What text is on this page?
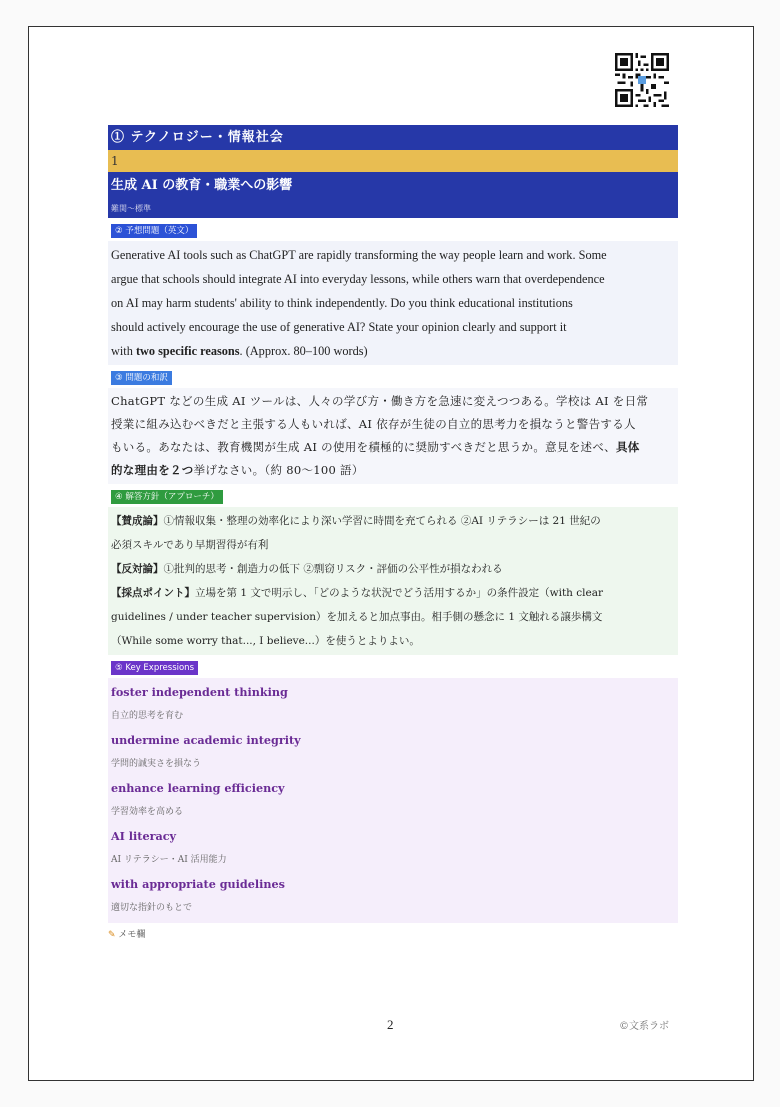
① テクノロジー・情報社会
1
生成 AI の教育・職業への影響
難関～標準
② 予想問題（英文）
Generative AI tools such as ChatGPT are rapidly transforming the way people learn and work. Some
argue that schools should integrate AI into everyday lessons, while others warn that overdependence
on AI may harm students' ability to think independently. Do you think educational institutions
should actively encourage the use of generative AI? State your opinion clearly and support it
with two specific reasons. (Approx. 80–100 words)
③ 問題の和訳
ChatGPT などの生成 AI ツールは、人々の学び方・働き方を急速に変えつつある。学校は AI を日常
授業に組み込むべきだと主張する人もいれば、AI 依存が生徒の自立的思考力を損なうと警告する人
もいる。あなたは、教育機関が生成 AI の使用を積極的に奨励すべきだと思うか。意見を述べ、具体
的な理由を２つ挙げなさい。（約 80～100 語）
④ 解答方針（アプローチ）
【賛成論】①情報収集・整理の効率化により深い学習に時間を充てられる ②AI リテラシーは 21 世紀の
必須スキルであり早期習得が有利
【反対論】①批判的思考・創造力の低下 ②剽窃リスク・評価の公平性が損なわれる
【採点ポイント】立場を第 1 文で明示し、「どのような状況でどう活用するか」の条件設定（with clear
guidelines / under teacher supervision）を加えると加点事由。相手側の懸念に 1 文触れる譲歩構文
（While some worry that..., I believe...）を使うとよりよい。
⑤ Key Expressions
foster independent thinking
自立的思考を育む
undermine academic integrity
学問的誠実さを損なう
enhance learning efficiency
学習効率を高める
AI literacy
AI リテラシー・AI 活用能力
with appropriate guidelines
適切な指針のもとで
✎ メモ欄
2	©文系ラボ
